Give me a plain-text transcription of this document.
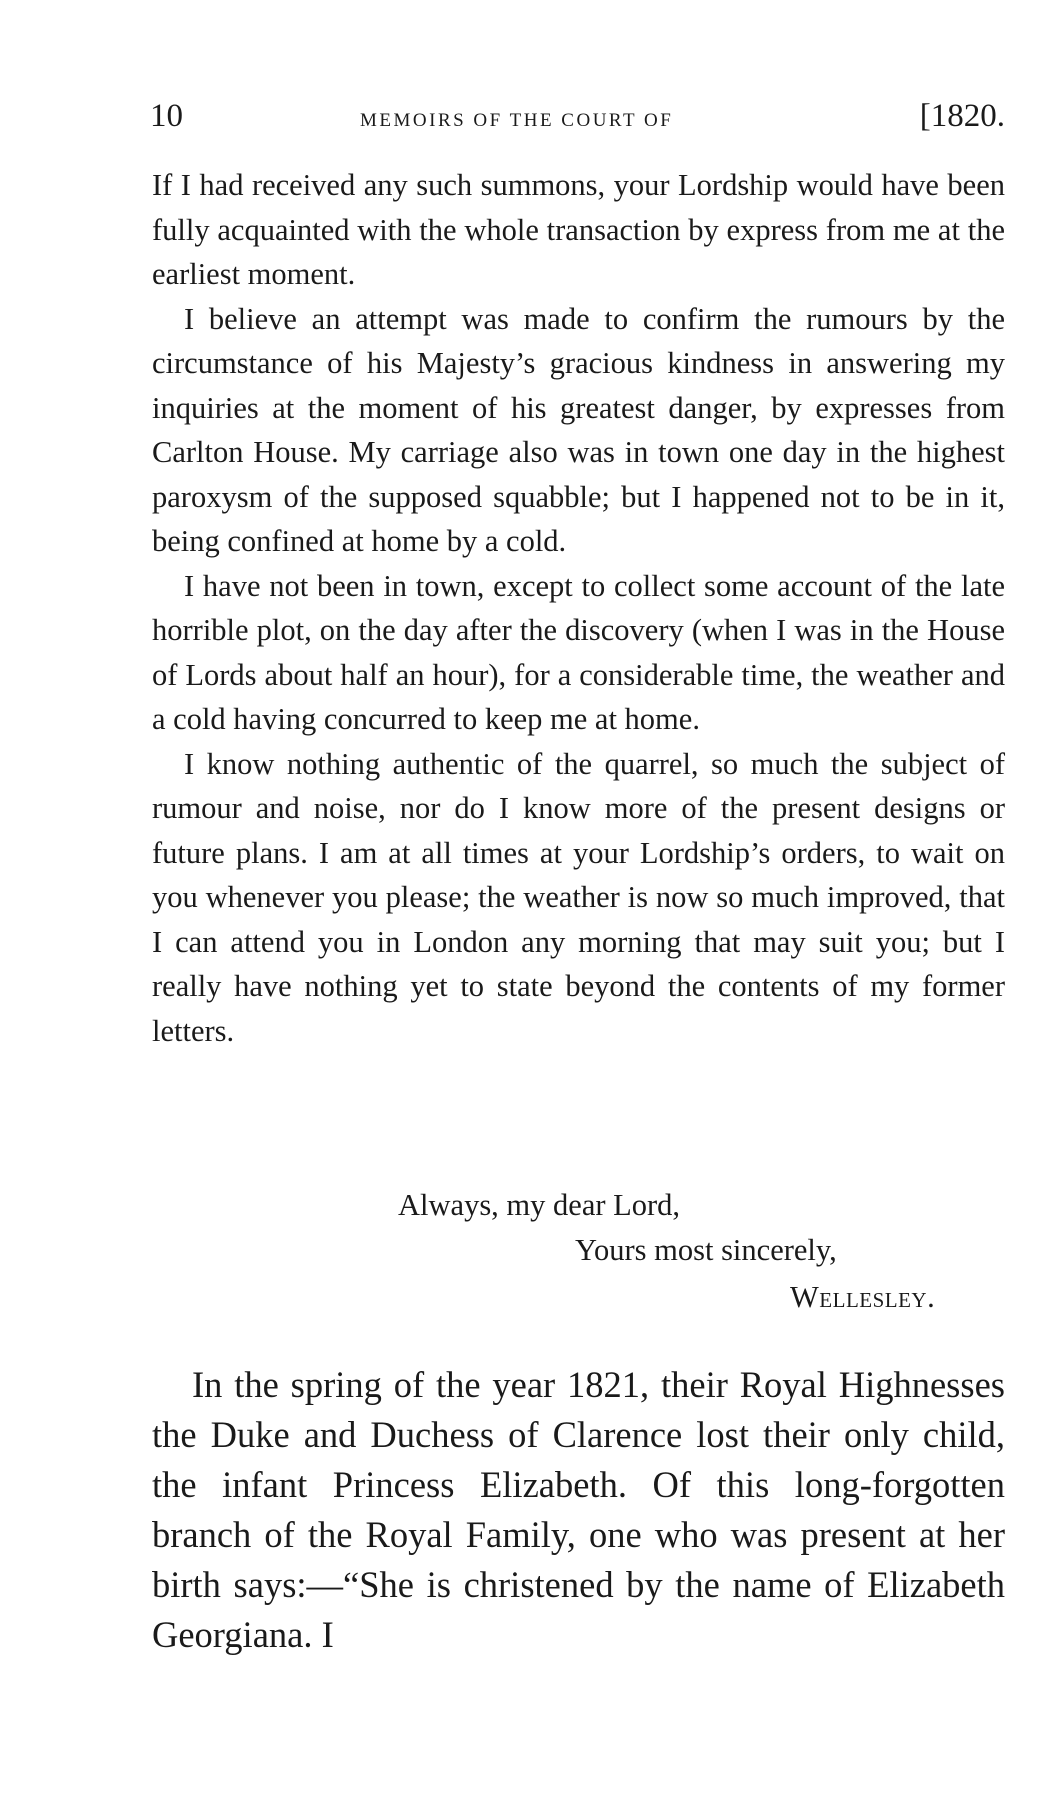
10	MEMOIRS OF THE COURT OF	[1820.

If I had received any such summons, your Lordship would have been fully acquainted with the whole transaction by express from me at the earliest moment.

I believe an attempt was made to confirm the rumours by the circumstance of his Majesty’s gracious kindness in answering my inquiries at the moment of his greatest danger, by expresses from Carlton House. My carriage also was in town one day in the highest paroxysm of the supposed squabble; but I happened not to be in it, being confined at home by a cold.

I have not been in town, except to collect some account of the late horrible plot, on the day after the discovery (when I was in the House of Lords about half an hour), for a considerable time, the weather and a cold having concurred to keep me at home.

I know nothing authentic of the quarrel, so much the subject of rumour and noise, nor do I know more of the present designs or future plans. I am at all times at your Lordship’s orders, to wait on you whenever you please; the weather is now so much improved, that I can attend you in London any morning that may suit you; but I really have nothing yet to state beyond the contents of my former letters.

Always, my dear Lord,
Yours most sincerely,
Wellesley.

In the spring of the year 1821, their Royal Highnesses the Duke and Duchess of Clarence lost their only child, the infant Princess Elizabeth. Of this long-forgotten branch of the Royal Family, one who was present at her birth says:—“She is christened by the name of Elizabeth Georgiana. I
